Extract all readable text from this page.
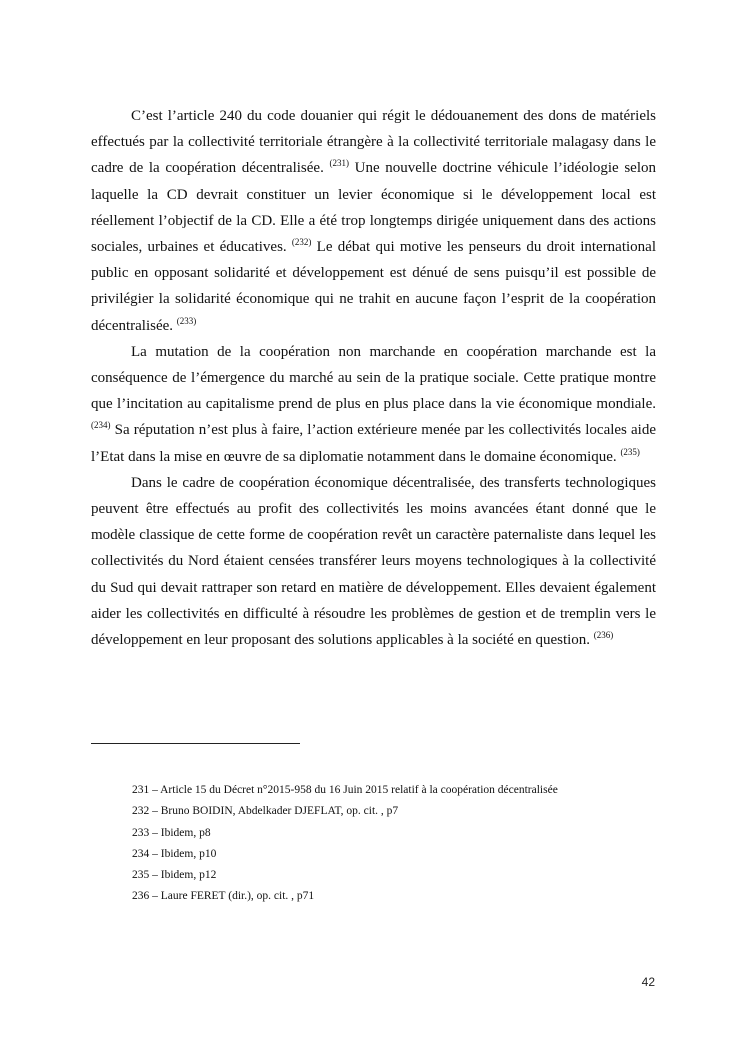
C’est l’article 240 du code douanier qui régit le dédouanement des dons de matériels effectués par la collectivité territoriale étrangère à la collectivité territoriale malagasy dans le cadre de la coopération décentralisée. $^{(231)}$ Une nouvelle doctrine véhicule l’idéologie selon laquelle la CD devrait constituer un levier économique si le développement local est réellement l’objectif de la CD. Elle a été trop longtemps dirigée uniquement dans des actions sociales, urbaines et éducatives. $^{(232)}$ Le débat qui motive les penseurs du droit international public en opposant solidarité et développement est dénué de sens puisqu’il est possible de privilégier la solidarité économique qui ne trahit en aucune façon l’esprit de la coopération décentralisée. $^{(233)}$

La mutation de la coopération non marchande en coopération marchande est la conséquence de l’émergence du marché au sein de la pratique sociale. Cette pratique montre que l’incitation au capitalisme prend de plus en plus place dans la vie économique mondiale.$^{(234)}$ Sa réputation n’est plus à faire, l’action extérieure menée par les collectivités locales aide l’Etat dans la mise en œuvre de sa diplomatie notamment dans le domaine économique. $^{(235)}$

Dans le cadre de coopération économique décentralisée, des transferts technologiques peuvent être effectués au profit des collectivités les moins avancées étant donné que le modèle classique de cette forme de coopération revêt un caractère paternaliste dans lequel les collectivités du Nord étaient censées transférer leurs moyens technologiques à la collectivité du Sud qui devait rattraper son retard en matière de développement. Elles devaient également aider les collectivités en difficulté à résoudre les problèmes de gestion et de tremplin vers le développement en leur proposant des solutions applicables à la société en question. $^{(236)}$

231 – Article 15 du Décret n°2015-958 du 16 Juin 2015 relatif à la coopération décentralisée
232 – Bruno BOIDIN, Abdelkader DJEFLAT, op. cit. , p7
233 – Ibidem, p8
234 – Ibidem, p10
235 – Ibidem, p12
236 – Laure FERET (dir.), op. cit. , p71
42
